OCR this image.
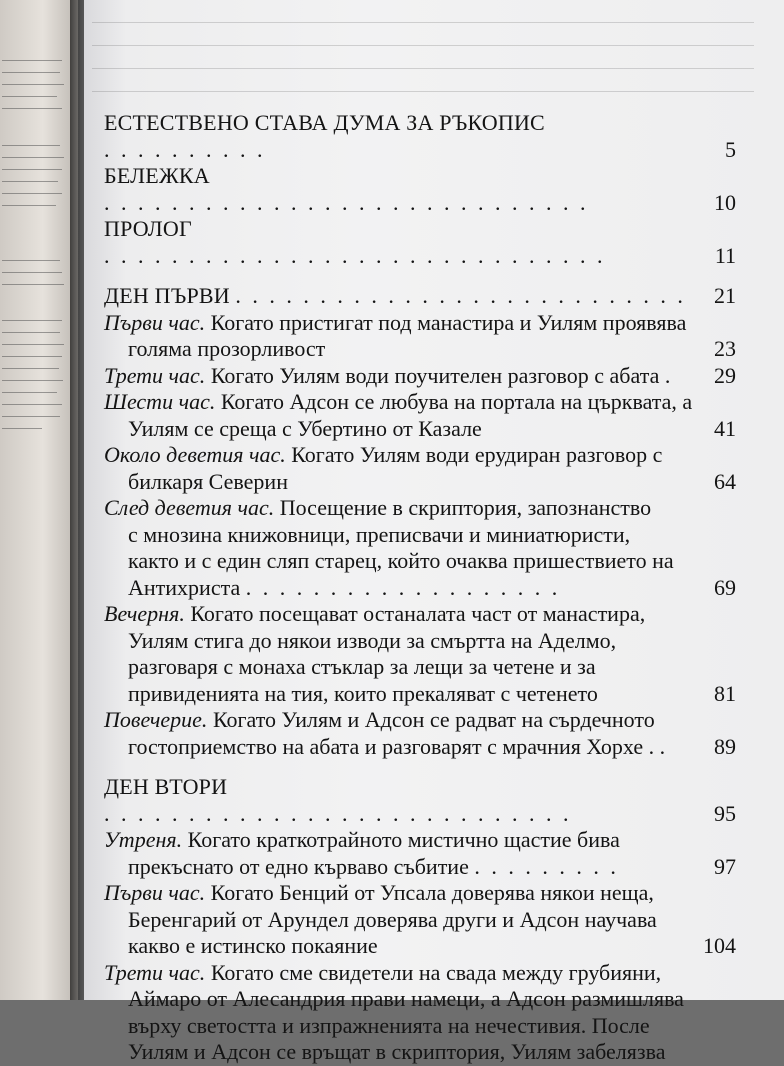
ЕСТЕСТВЕНО СТАВА ДУМА ЗА РЪКОПИС . . . . . . . . . .	5
БЕЛЕЖКА . . . . . . . . . . . . . . . . . . . . . . . . . . . . .	10
ПРОЛОГ . . . . . . . . . . . . . . . . . . . . . . . . . . . . . .	11
ДЕН ПЪРВИ . . . . . . . . . . . . . . . . . . . . . . . . . . .	21
Първи час. Когато пристигат под манастира и Уилям проявява
голяма прозорливост	23
Трети час. Когато Уилям води поучителен разговор с абата .	29
Шести час. Когато Адсон се любува на портала на църквата, а
Уилям се среща с Убертино от Казале	41
Около деветия час. Когато Уилям води ерудиран разговор с
билкаря Северин	64
След деветия час. Посещение в скриптория, запознанство
с мнозина книжовници, преписвачи и миниатюристи,
както и с един сляп старец, който очаква пришествието на
Антихриста . . . . . . . . . . . . . . . . . . .	69
Вечерня. Когато посещават останалата част от манастира,
Уилям стига до някои изводи за смъртта на Аделмо,
разговаря с монаха стъклар за лещи за четене и за
привиденията на тия, които прекаляват с четенето	81
Повечерие. Когато Уилям и Адсон се радват на сърдечното
гостоприемство на абата и разговарят с мрачния Хорхе . .	89
ДЕН ВТОРИ . . . . . . . . . . . . . . . . . . . . . . . . . . . .	95
Утреня. Когато краткотрайното мистично щастие бива
прекъснато от едно кърваво събитие . . . . . . . . .	97
Първи час. Когато Бенций от Упсала доверява някои неща,
Беренгарий от Арундел доверява други и Адсон научава
какво е истинско покаяние	104
Трети час. Когато сме свидетели на свада между грубияни,
Аймаро от Алесандрия прави намеци, а Адсон размишлява
върху светостта и изпражненията на нечестивия. После
Уилям и Адсон се връщат в скриптория, Уилям забелязва
